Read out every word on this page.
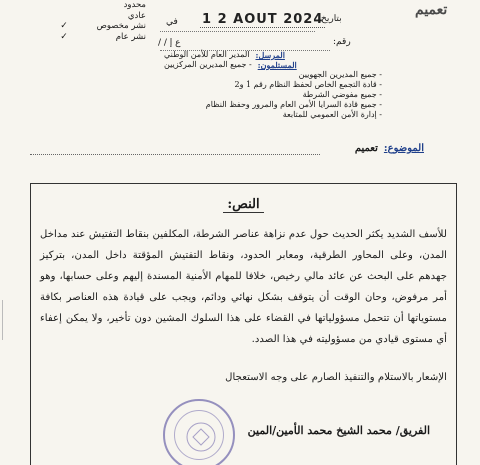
محدود
عادي
نشر مخصوص
✓
نشر عام
✓
تعميم
بتاريخ:
1 2 AOUT 2024
في
رقم:
/ / ع إ
المرسل:
المدير العام للأمن الوطني
المستلمون:
- جميع المديرين المركزيين
- جميع المديرين الجهويين
- قادة التجمع الخاص لحفظ النظام رقم 1 و2
- جميع مفوضي الشرطة
- جميع قادة السرايا الأمن العام والمرور وحفظ النظام
- إدارة الأمن العمومي للمتابعة
الموضوع:
تعميم
النص:

للأسف الشديد يكثر الحديث حول عدم نزاهة عناصر الشرطة، المكلفين بنقاط التفتيش عند مداخل المدن، وعلى المحاور الطرقية، ومعابر الحدود، ونقاط التفتيش المؤقتة داخل المدن، بتركيز جهدهم على البحث عن عائد مالي رخيص، خلافا للمهام الأمنية المسندة إليهم وعلى حسابها، وهو أمر مرفوض، وحان الوقت أن يتوقف بشكل نهائي ودائم، ويجب على قيادة هذه العناصر بكافة مستوياتها أن تتحمل مسؤولياتها في القضاء على هذا السلوك المشين دون تأخير، ولا يمكن إعفاء أي مستوى قيادي من مسؤوليته في هذا الصدد.

الإشعار بالاستلام والتنفيذ الصارم على وجه الاستعجال
الفريق/ محمد الشيخ محمد الأمين/المين
